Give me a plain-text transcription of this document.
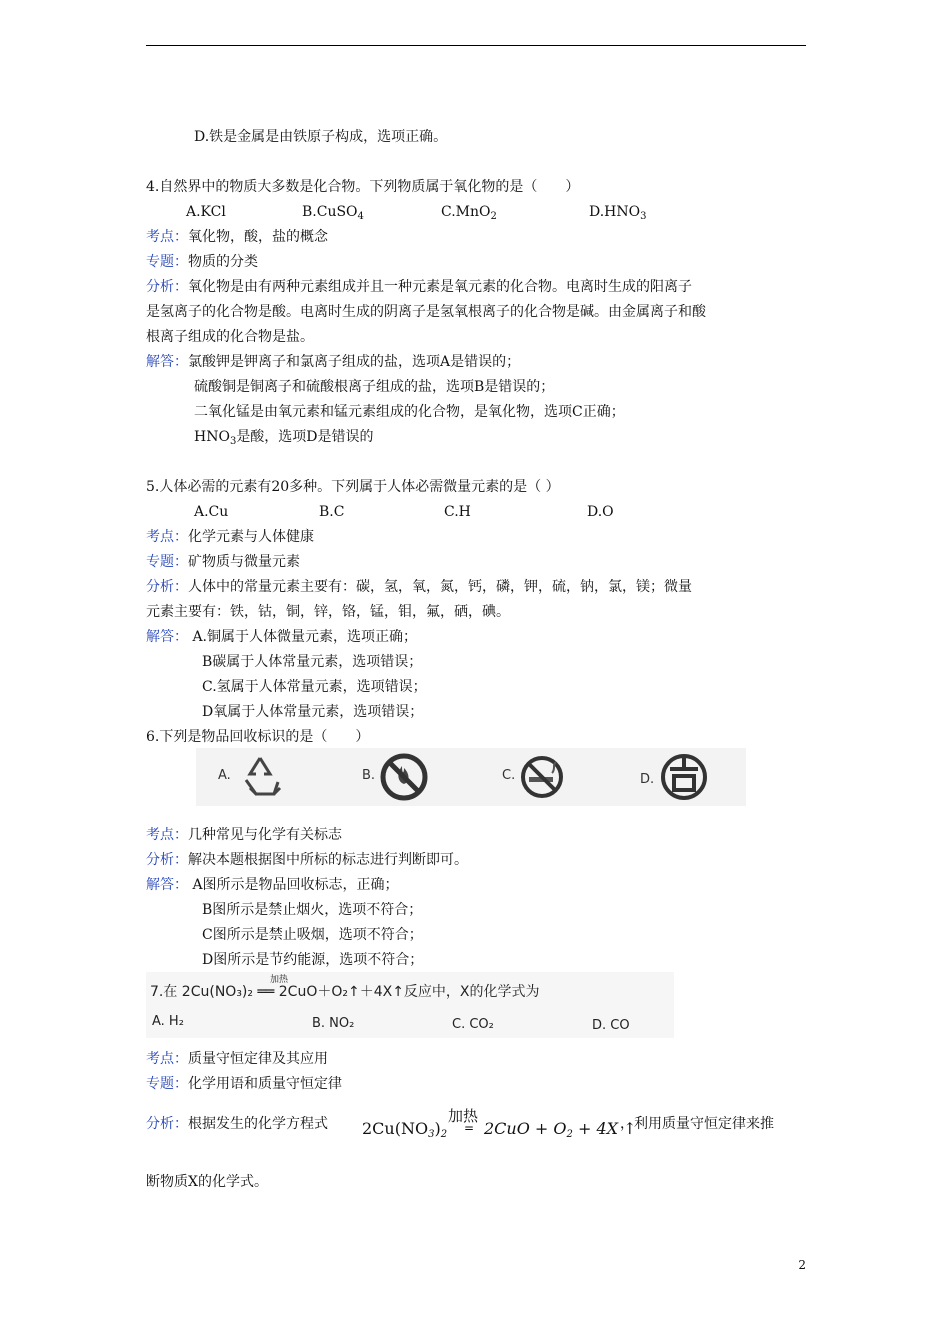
D.铁是金属是由铁原子构成，选项正确。
4.自然界中的物质大多数是化合物。下列物质属于氧化物的是（　　）
A.KCl	B.CuSO$_4$	C.MnO$_2$	$D.HNO_3$
考点：氧化物，酸，盐的概念
专题：物质的分类
分析：氧化物是由有两种元素组成并且一种元素是氧元素的化合物。电离时生成的阳离子
是氢离子的化合物是酸。电离时生成的阴离子是氢氧根离子的化合物是碱。由金属离子和酸
根离子组成的化合物是盐。
解答：氯酸钾是钾离子和氯离子组成的盐，选项A是错误的；
硫酸铜是铜离子和硫酸根离子组成的盐，选项B是错误的；
二氧化锰是由氧元素和锰元素组成的化合物，是氧化物，选项C正确；
$HNO_3$是酸，选项D是错误的
5.人体必需的元素有20多种。下列属于人体必需微量元素的是（ ）
A.Cu	B.C	C.H	D.O
考点：化学元素与人体健康
专题：矿物质与微量元素
分析：人体中的常量元素主要有：碳，氢，氧，氮，钙，磷，钾，硫，钠，氯，镁；微量
元素主要有：铁，钴，铜，锌，铬，锰，钼，氟，硒，碘。
解答： A.铜属于人体微量元素，选项正确；
B碳属于人体常量元素，选项错误；
C.氢属于人体常量元素，选项错误；
D氧属于人体常量元素，选项错误；
6.下列是物品回收标识的是（　　）
A.	B.	C.	D.
考点：几种常见与化学有关标志
分析：解决本题根据图中所标的标志进行判断即可。
解答： A图所示是物品回收标志，正确；
B图所示是禁止烟火，选项不符合；
C图所示是禁止吸烟，选项不符合；
D图所示是节约能源，选项不符合；
7.在 2Cu(NO₃)₂ ══ 2CuO＋O₂↑＋4X↑反应中，X的化学式为
加热
A. H₂	B. NO₂	C. CO₂	D. CO
考点：质量守恒定律及其应用
专题：化学用语和质量守恒定律
分析：根据发生的化学方程式 $2Cu(NO_3)_2$
加热
= $2CuO + O_2 + 4X$ ↑
，利用质量守恒定律来推
断物质X的化学式。
2
